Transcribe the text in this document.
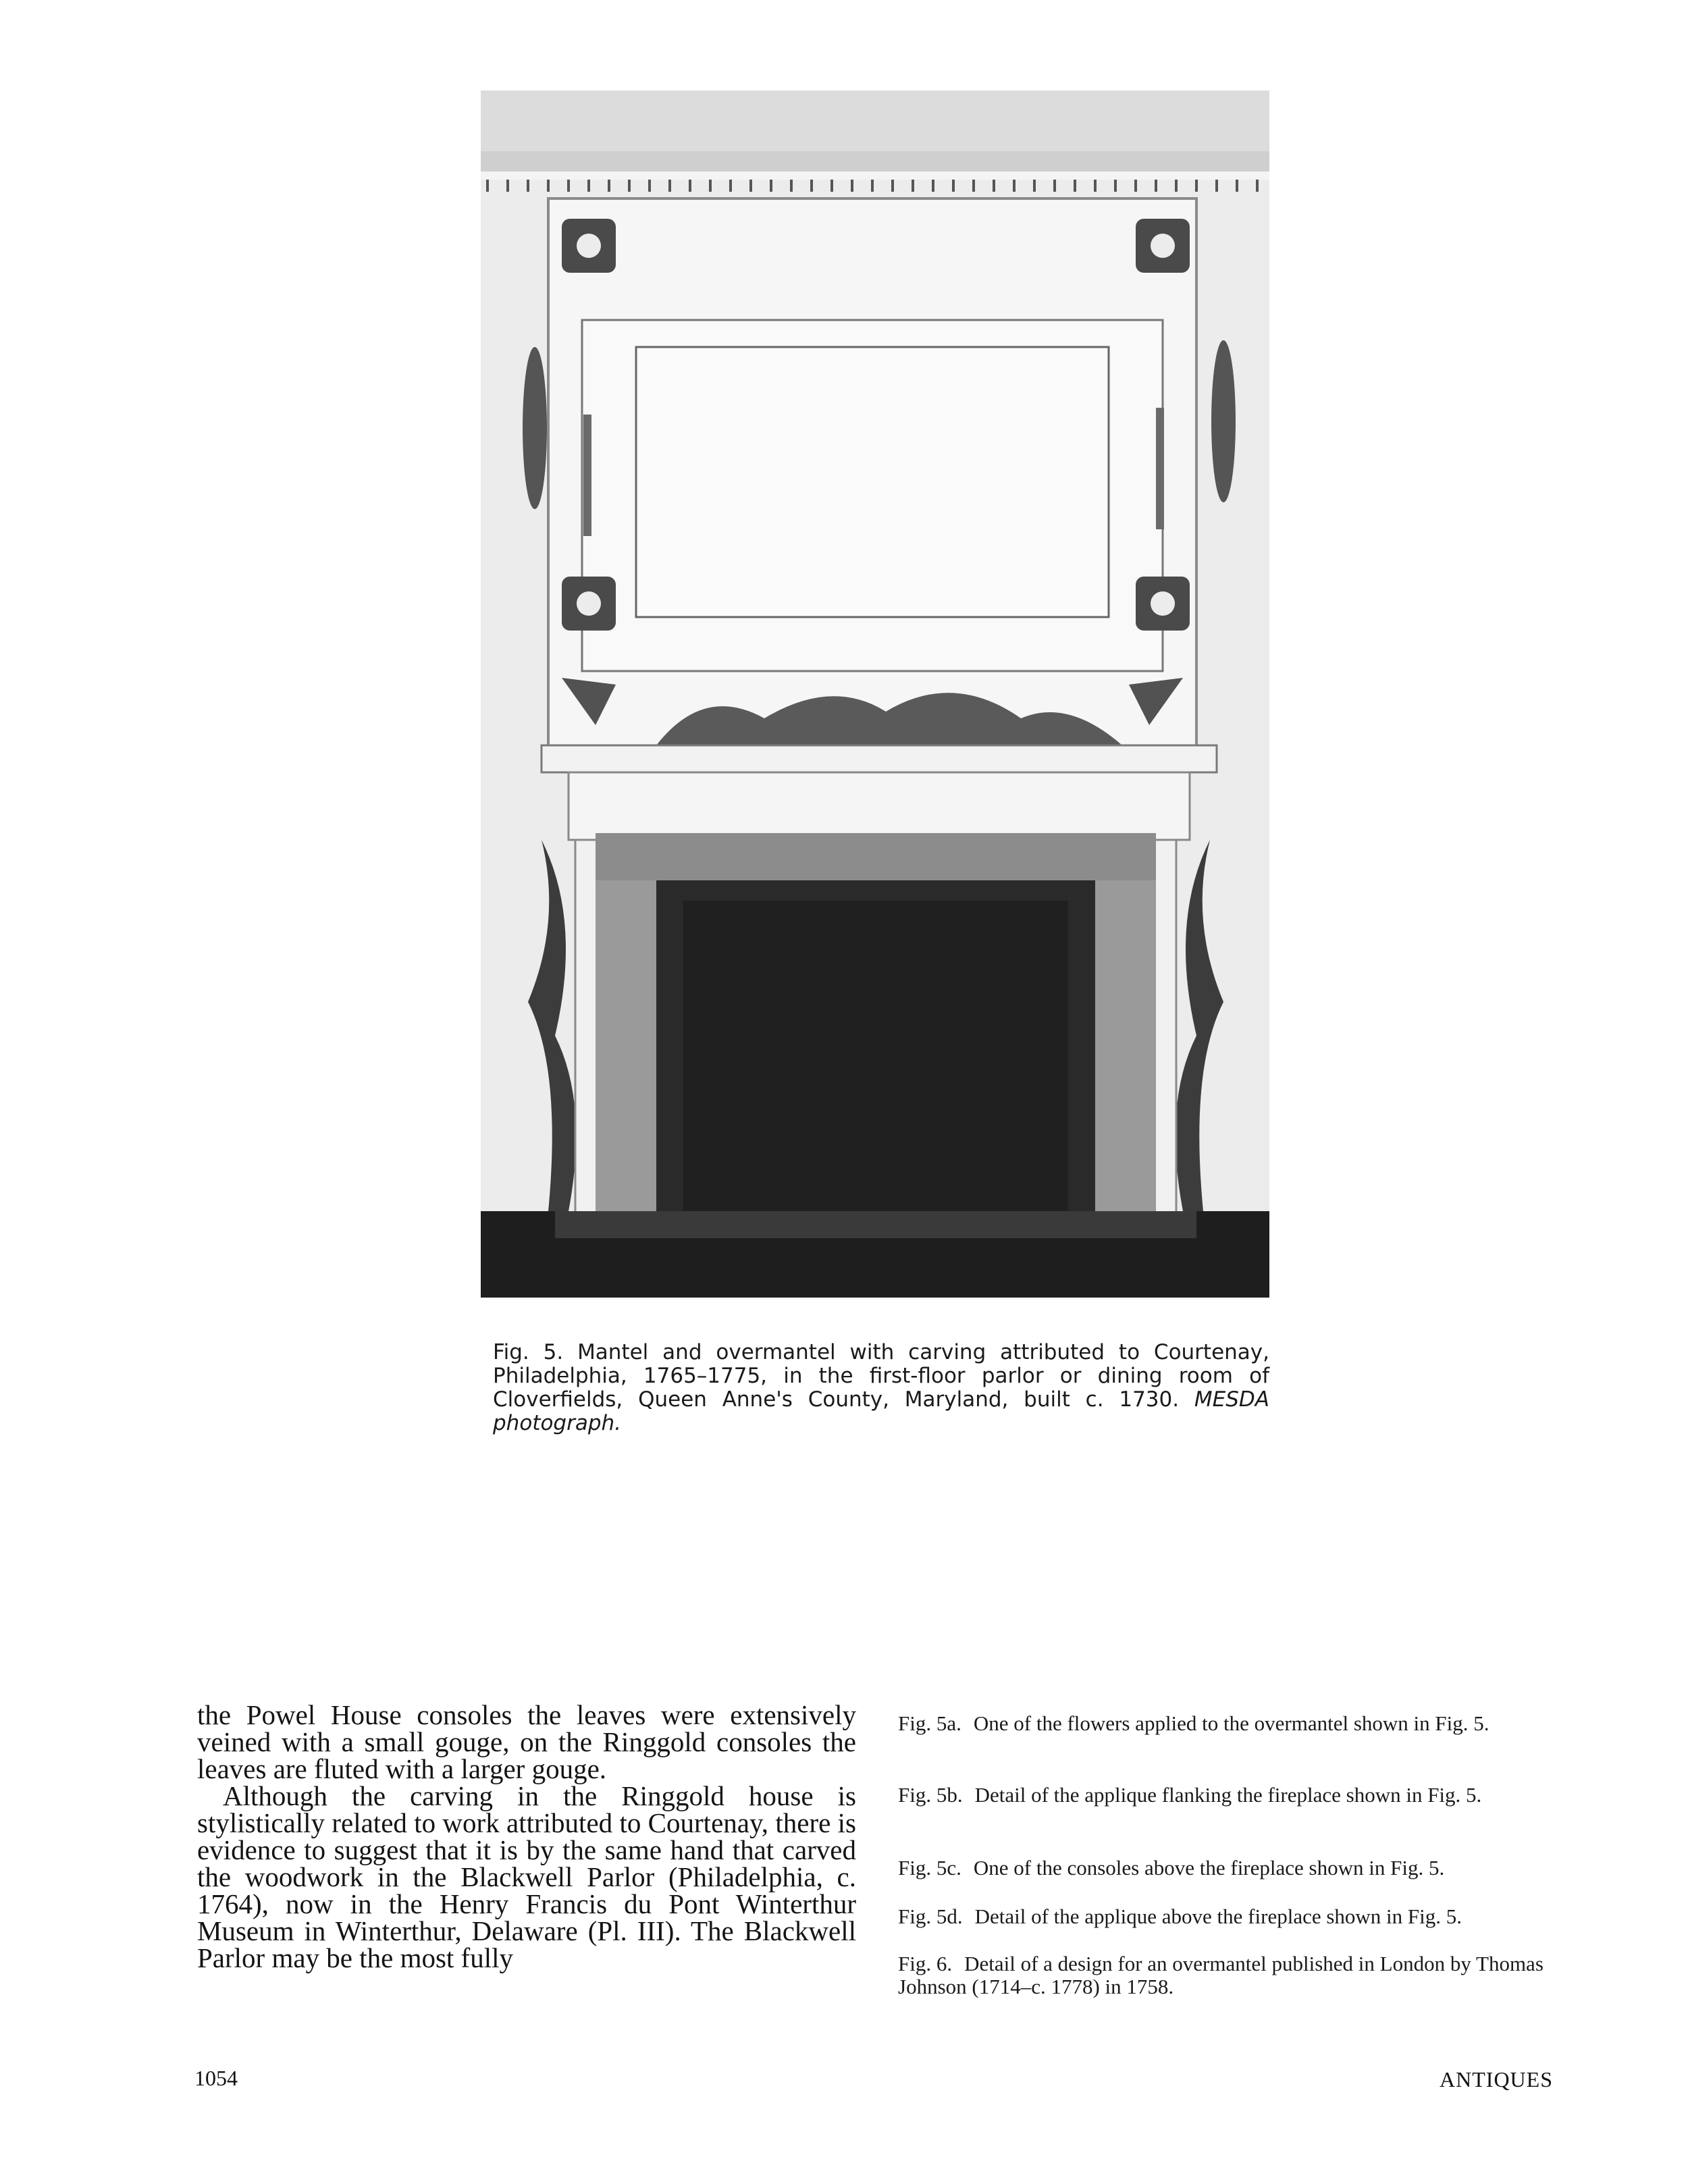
Fig. 5. Mantel and overmantel with carving attributed to Courtenay, Philadelphia, 1765–1775, in the first-floor parlor or dining room of Cloverfields, Queen Anne's County, Maryland, built c. 1730. MESDA photograph.

the Powel House consoles the leaves were extensively veined with a small gouge, on the Ringgold consoles the leaves are fluted with a larger gouge.

Although the carving in the Ringgold house is stylistically related to work attributed to Courtenay, there is evidence to suggest that it is by the same hand that carved the woodwork in the Blackwell Parlor (Philadelphia, c. 1764), now in the Henry Francis du Pont Winterthur Museum in Winterthur, Delaware (Pl. III). The Blackwell Parlor may be the most fully

Fig. 5a. One of the flowers applied to the overmantel shown in Fig. 5.

Fig. 5b. Detail of the applique flanking the fireplace shown in Fig. 5.

Fig. 5c. One of the consoles above the fireplace shown in Fig. 5.

Fig. 5d. Detail of the applique above the fireplace shown in Fig. 5.

Fig. 6. Detail of a design for an overmantel published in London by Thomas Johnson (1714–c. 1778) in 1758.

1054	ANTIQUES
